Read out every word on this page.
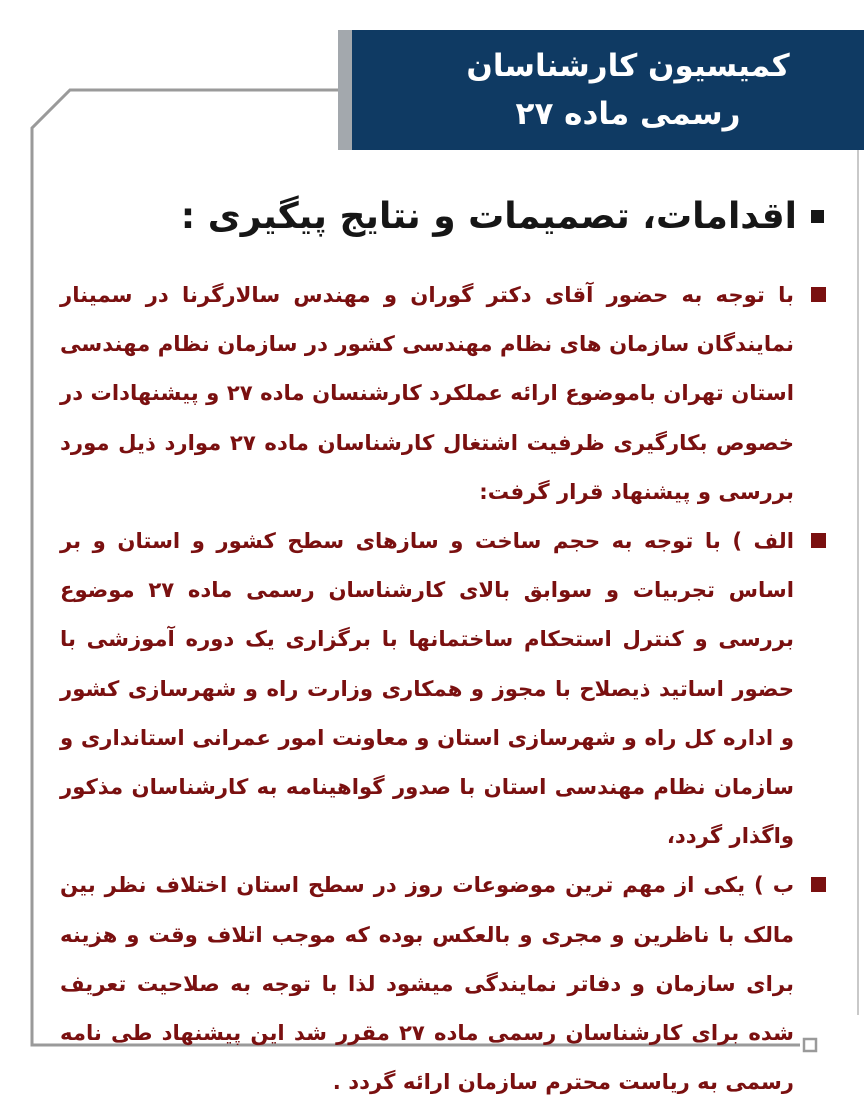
کمیسیون کارشناسان
رسمی ماده ۲۷
اقدامات، تصمیمات و نتایج پیگیری :

با توجه به حضور آقای دکتر گوران و مهندس سالارگرنا در سمینار نمایندگان سازمان های نظام مهندسی کشور در سازمان نظام مهندسی استان تهران باموضوع ارائه عملکرد کارشنسان ماده ۲۷ و پیشنهادات در خصوص بکارگیری ظرفیت اشتغال کارشناسان ماده ۲۷ موارد ذیل مورد بررسی و پیشنهاد قرار گرفت:

الف ) با توجه به حجم ساخت و سازهای سطح کشور و استان و بر اساس تجربیات و سوابق بالای کارشناسان رسمی ماده ۲۷ موضوع بررسی و کنترل استحکام ساختمانها با برگزاری یک دوره آموزشی با حضور اساتید ذیصلاح با مجوز و همکاری وزارت راه و شهرسازی کشور و اداره کل راه و شهرسازی استان و معاونت امور عمرانی استانداری و سازمان نظام مهندسی استان با صدور گواهینامه به کارشناسان مذکور واگذار گردد،

ب ) یکی از مهم ترین موضوعات روز در سطح استان اختلاف نظر بین مالک با ناظرین و مجری و بالعکس بوده که موجب اتلاف وقت و هزینه برای سازمان و دفاتر نمایندگی میشود لذا با توجه به صلاحیت تعریف شده برای کارشناسان رسمی ماده ۲۷ مقرر شد این پیشنهاد طی نامه رسمی به ریاست محترم سازمان ارائه گردد .
